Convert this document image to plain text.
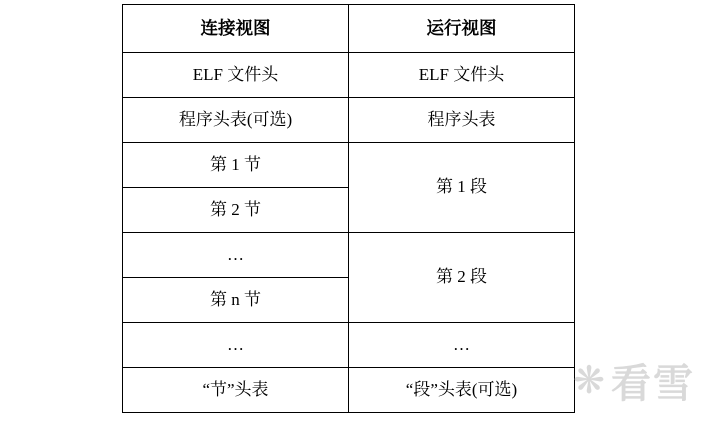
连接视图	运行视图
ELF 文件头	ELF 文件头
程序头表(可选)	程序头表
第 1 节	第 1 段
第 2 节	
…	第 2 段
第 n 节	
…	…
“节”头表	“段”头表(可选) ❋ 看雪
